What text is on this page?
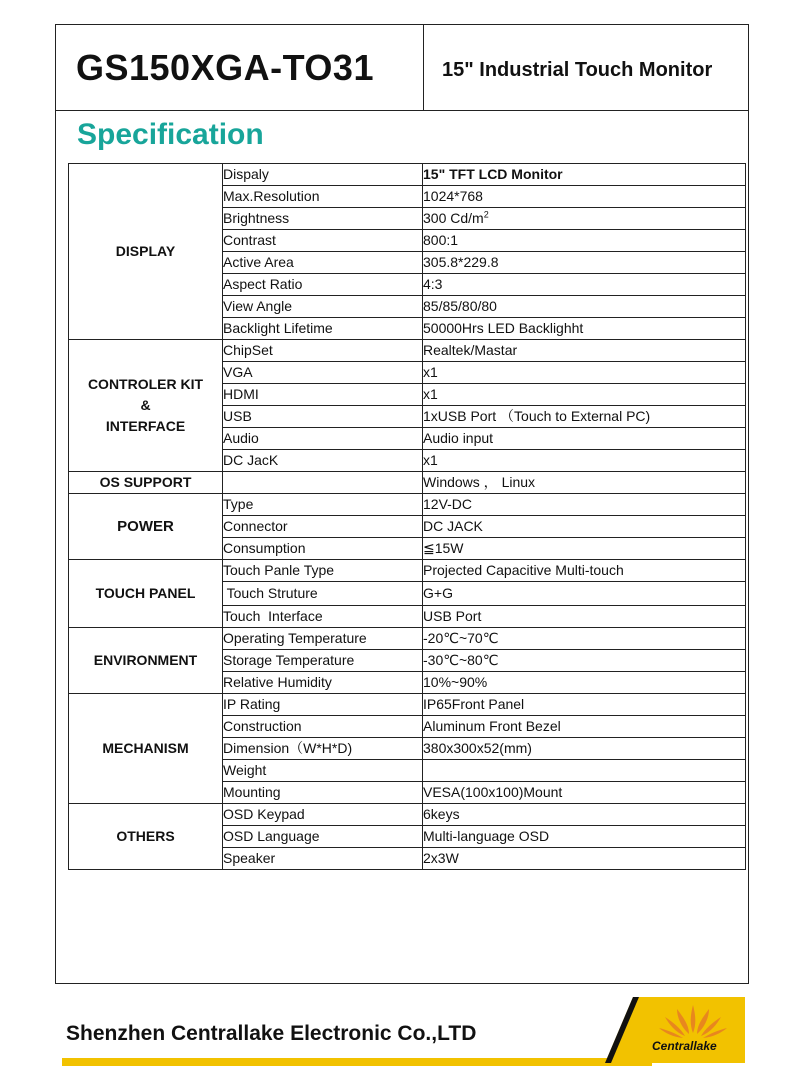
GS150XGA-TO31	15" Industrial Touch Monitor
Specification
DISPLAY	Dispaly	15" TFT LCD Monitor
	Max.Resolution	1024*768
	Brightness	300 $Cd/m^2$
	Contrast	800:1
	Active Area	305.8*229.8
	Aspect Ratio	4:3
	View Angle	85/85/80/80
	Backlight Lifetime	50000Hrs LED Backlighht

CONTROLER KIT
&
INTERFACE	ChipSet	Realtek/Mastar
	VGA	x1
	HDMI	x1
	USB	1xUSB Port （Touch to External PC)
	Audio	Audio input
	DC JacK	x1
OS SUPPORT		Windows ， Linux
POWER	Type	12V-DC
	Connector	DC JACK
	Consumption	≦15W
TOUCH PANEL	Touch Panle Type	Projected Capacitive Multi-touch
	Touch Struture	G+G
	Touch  Interface	USB Port
ENVIRONMENT	Operating Temperature	-20℃~70℃
	Storage Temperature	-30℃~80℃
	Relative Humidity	10%~90%
MECHANISM	IP Rating	IP65Front Panel
	Construction	Aluminum Front Bezel
	Dimension（W*H*D)	380x300x52(mm)
	Weight	
	Mounting	VESA(100x100)Mount
OTHERS	OSD Keypad	6keys
	OSD Language	Multi-language OSD
	Speaker	2x3W
Shenzhen Centrallake Electronic Co.,LTD
Centrallake
